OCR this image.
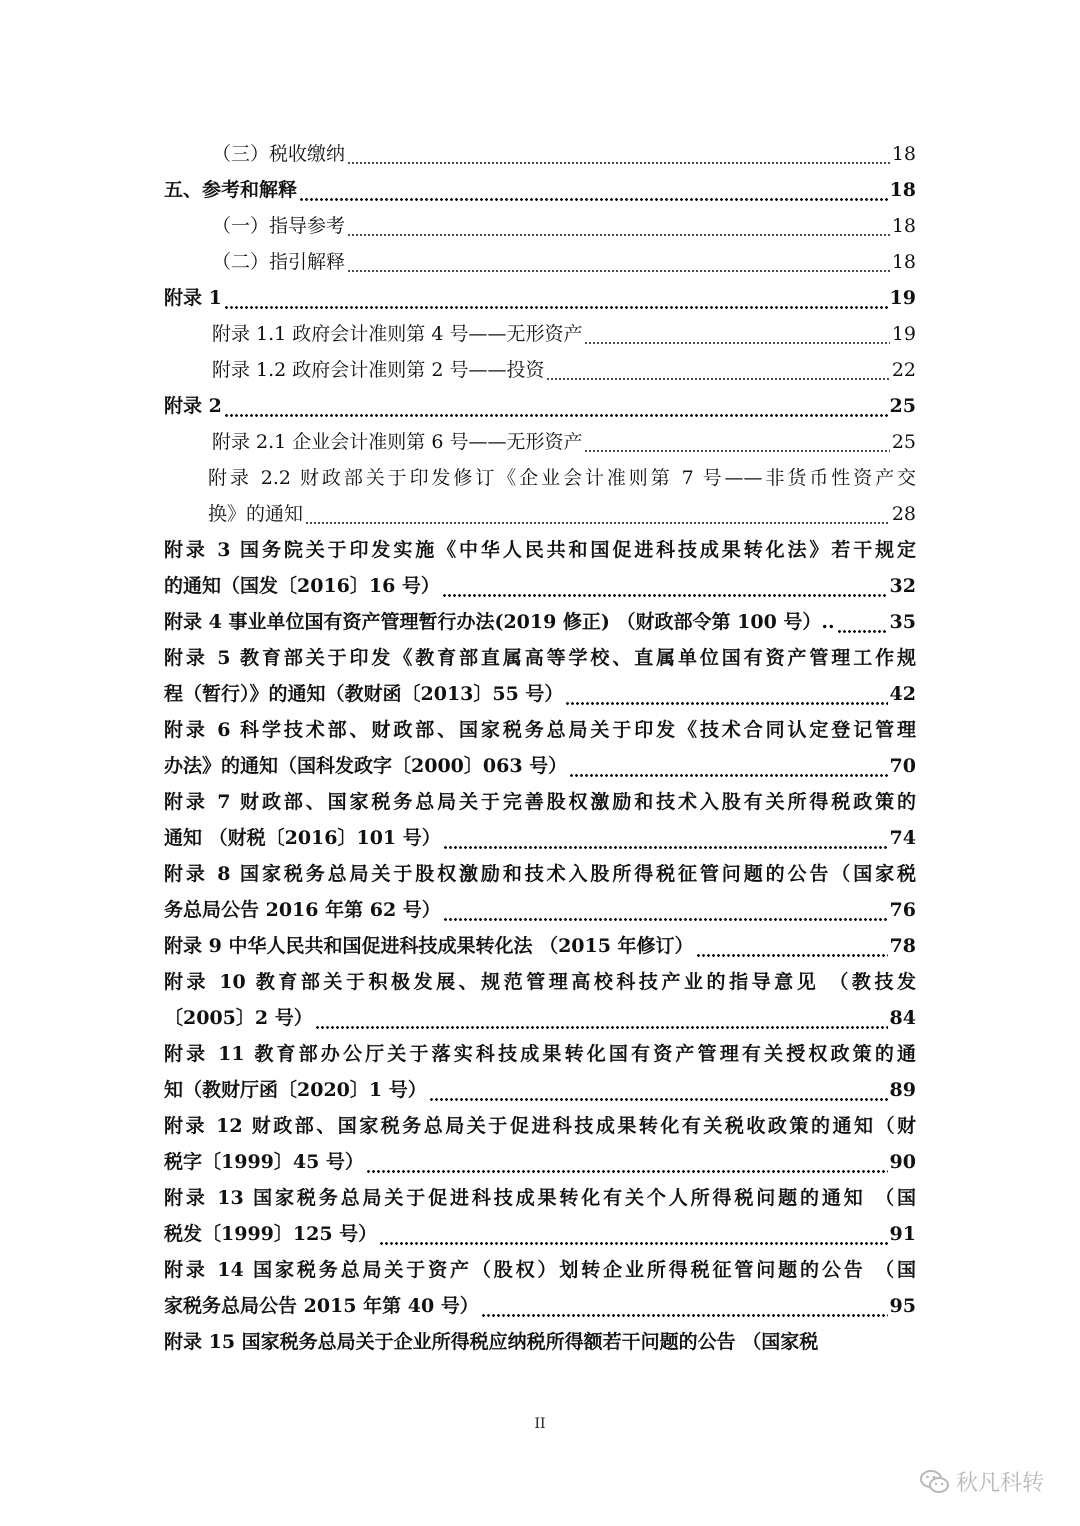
（三）税收缴纳	18
五、参考和解释	18
（一）指导参考	18
（二）指引解释	18
附录 1	19
附录 1.1 政府会计准则第 4 号——无形资产	19
附录 1.2 政府会计准则第 2 号——投资	22
附录 2	25
附录 2.1 企业会计准则第 6 号——无形资产	25
附录 2.2 财政部关于印发修订《企业会计准则第 7 号——非货币性资产交
换》的通知	28
附录 3 国务院关于印发实施《中华人民共和国促进科技成果转化法》若干规定
的通知（国发〔2016〕16 号）	32
附录 4 事业单位国有资产管理暂行办法(2019 修正) （财政部令第 100 号）..	35
附录 5 教育部关于印发《教育部直属高等学校、直属单位国有资产管理工作规
程（暂行）》的通知（教财函〔2013〕55 号）	42
附录 6 科学技术部、财政部、国家税务总局关于印发《技术合同认定登记管理
办法》的通知（国科发政字〔2000〕063 号）	70
附录 7 财政部、国家税务总局关于完善股权激励和技术入股有关所得税政策的
通知 （财税〔2016〕101 号）	74
附录 8 国家税务总局关于股权激励和技术入股所得税征管问题的公告（国家税
务总局公告 2016 年第 62 号）	76
附录 9 中华人民共和国促进科技成果转化法 （2015 年修订）	78
附录 10 教育部关于积极发展、规范管理高校科技产业的指导意见 （教技发
〔2005〕2 号）	84
附录 11 教育部办公厅关于落实科技成果转化国有资产管理有关授权政策的通
知（教财厅函〔2020〕1 号）	89
附录 12 财政部、国家税务总局关于促进科技成果转化有关税收政策的通知（财
税字〔1999〕45 号）	90
附录 13 国家税务总局关于促进科技成果转化有关个人所得税问题的通知 （国
税发〔1999〕125 号）	91
附录 14 国家税务总局关于资产（股权）划转企业所得税征管问题的公告 （国
家税务总局公告 2015 年第 40 号）	95
附录 15 国家税务总局关于企业所得税应纳税所得额若干问题的公告 （国家税
II
秋凡科转
